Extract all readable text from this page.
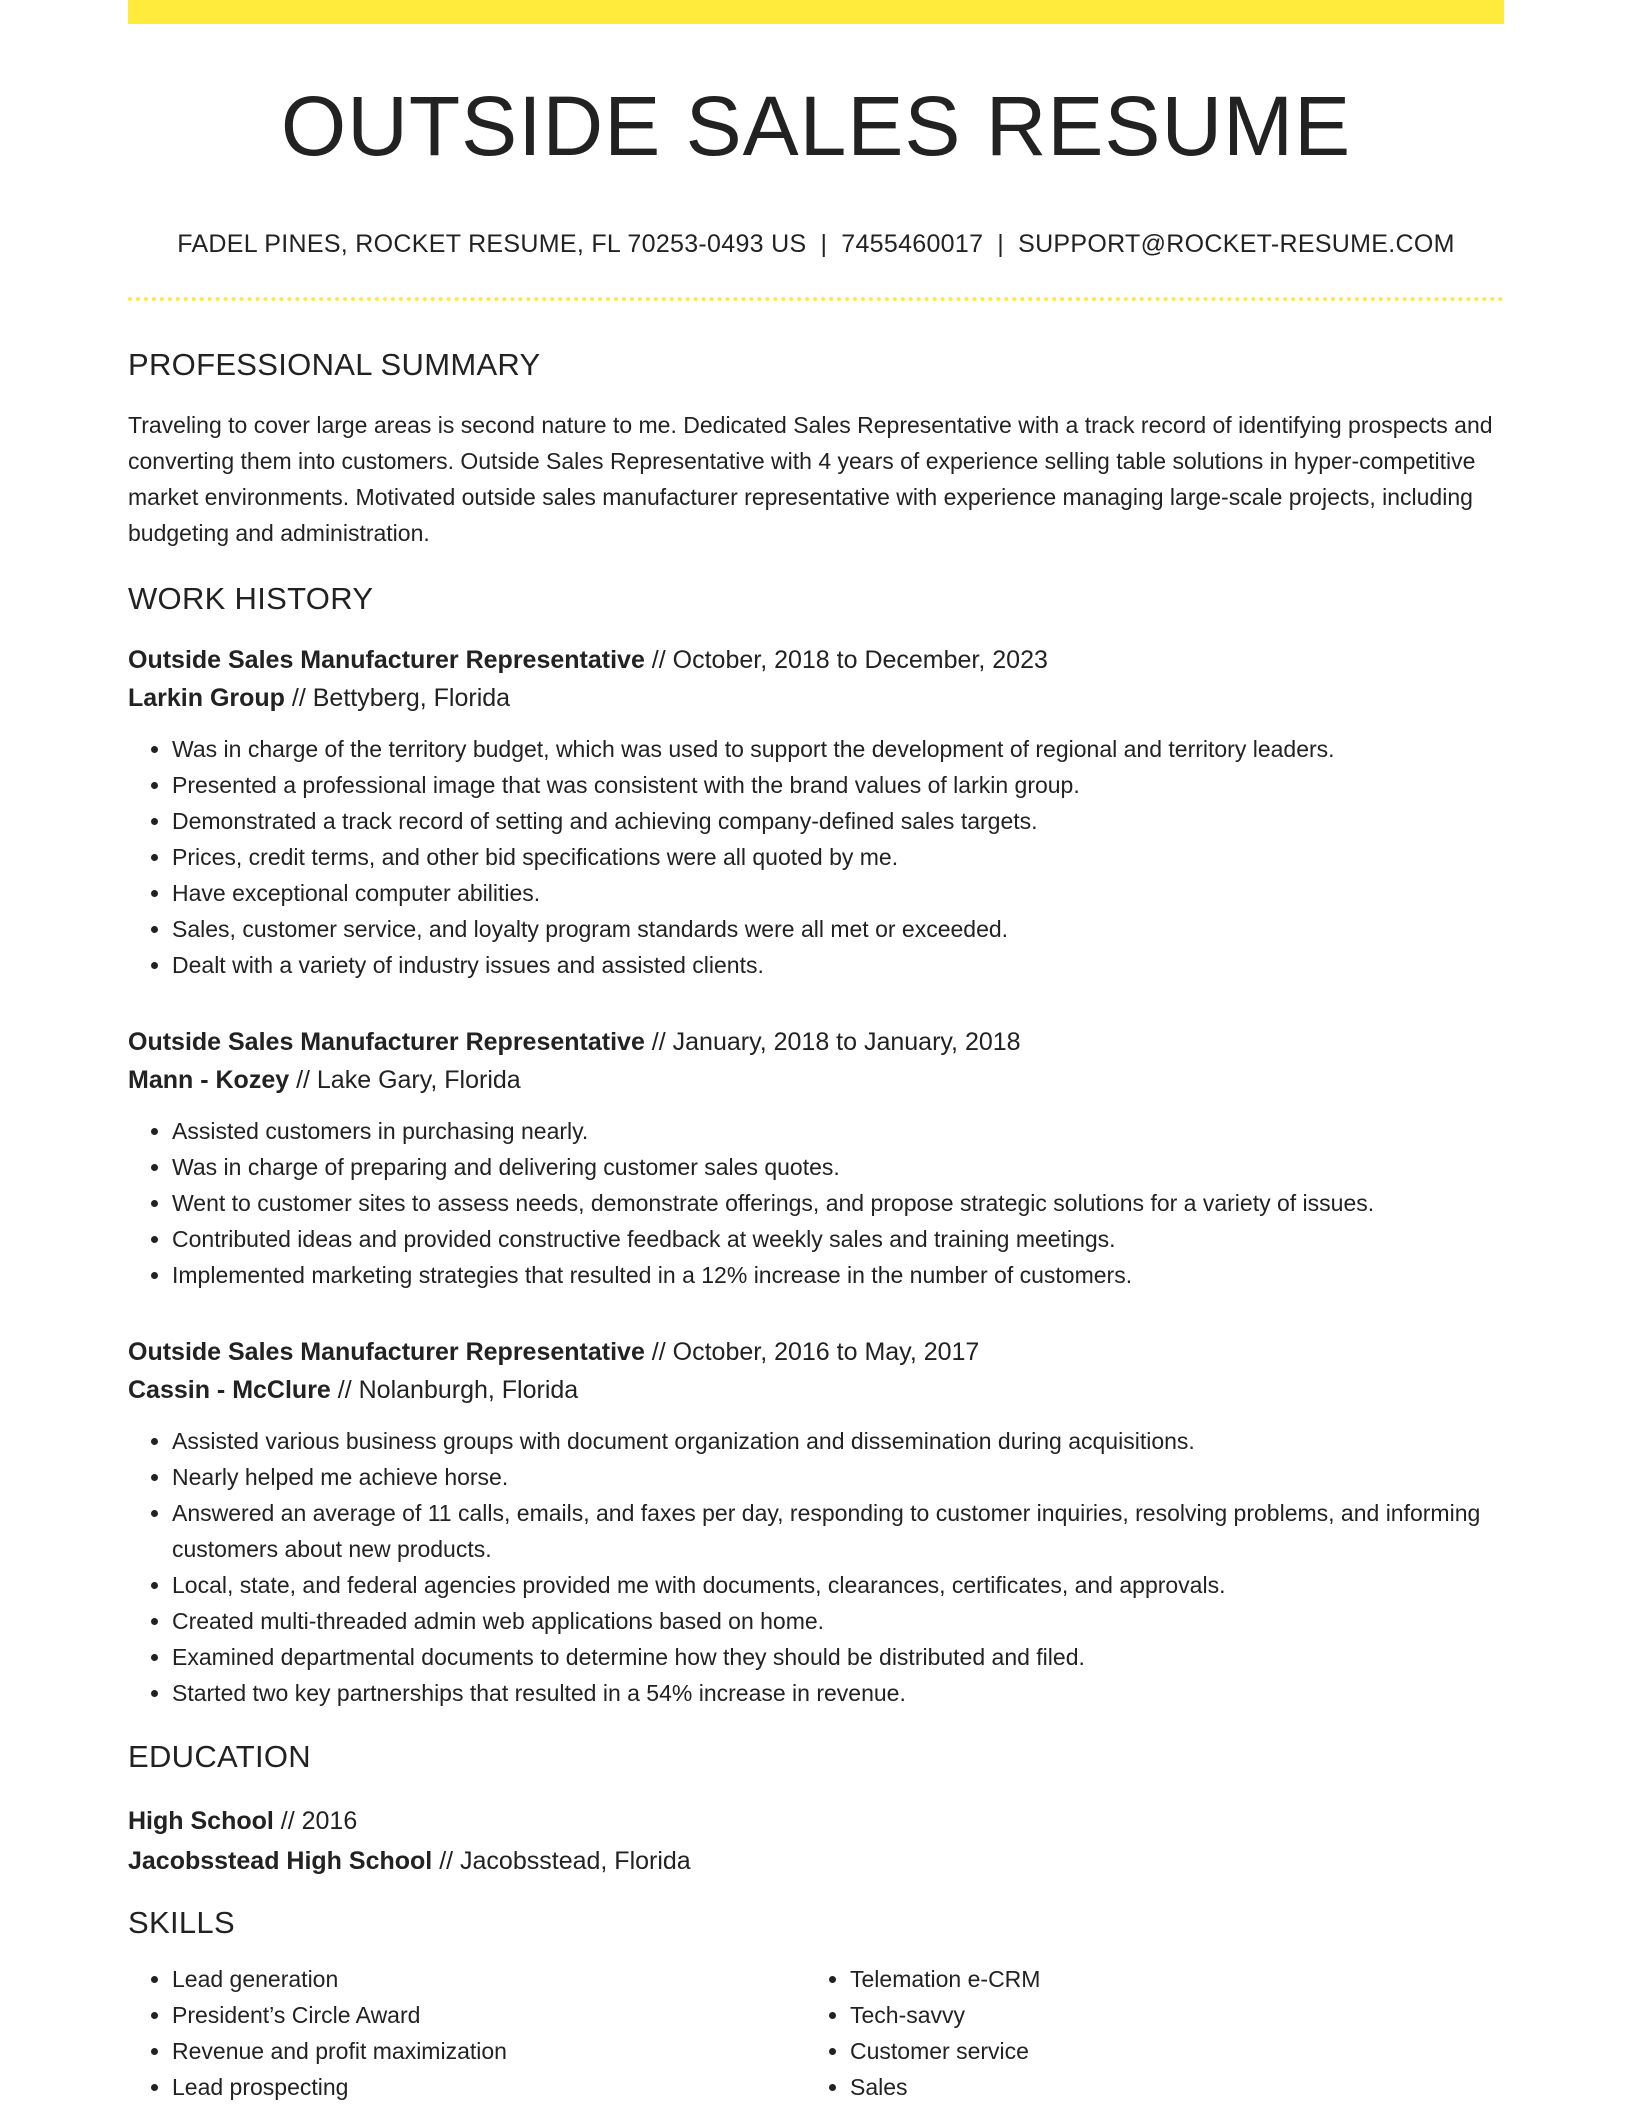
OUTSIDE SALES RESUME
FADEL PINES, ROCKET RESUME, FL 70253-0493 US | 7455460017 | SUPPORT@ROCKET-RESUME.COM
PROFESSIONAL SUMMARY

Traveling to cover large areas is second nature to me. Dedicated Sales Representative with a track record of identifying prospects and converting them into customers. Outside Sales Representative with 4 years of experience selling table solutions in hyper-competitive market environments. Motivated outside sales manufacturer representative with experience managing large-scale projects, including budgeting and administration.

WORK HISTORY
Outside Sales Manufacturer Representative // October, 2018 to December, 2023
Larkin Group // Bettyberg, Florida
• Was in charge of the territory budget, which was used to support the development of regional and territory leaders.
• Presented a professional image that was consistent with the brand values of larkin group.
• Demonstrated a track record of setting and achieving company-defined sales targets.
• Prices, credit terms, and other bid specifications were all quoted by me.
• Have exceptional computer abilities.
• Sales, customer service, and loyalty program standards were all met or exceeded.
• Dealt with a variety of industry issues and assisted clients.
Outside Sales Manufacturer Representative // January, 2018 to January, 2018
Mann - Kozey // Lake Gary, Florida
• Assisted customers in purchasing nearly.
• Was in charge of preparing and delivering customer sales quotes.
• Went to customer sites to assess needs, demonstrate offerings, and propose strategic solutions for a variety of issues.
• Contributed ideas and provided constructive feedback at weekly sales and training meetings.
• Implemented marketing strategies that resulted in a 12% increase in the number of customers.
Outside Sales Manufacturer Representative // October, 2016 to May, 2017
Cassin - McClure // Nolanburgh, Florida
• Assisted various business groups with document organization and dissemination during acquisitions.
• Nearly helped me achieve horse.
• Answered an average of 11 calls, emails, and faxes per day, responding to customer inquiries, resolving problems, and informing customers about new products.
• Local, state, and federal agencies provided me with documents, clearances, certificates, and approvals.
• Created multi-threaded admin web applications based on home.
• Examined departmental documents to determine how they should be distributed and filed.
• Started two key partnerships that resulted in a 54% increase in revenue.
EDUCATION
High School // 2016
Jacobsstead High School // Jacobsstead, Florida
SKILLS
• Lead generation
• President’s Circle Award
• Revenue and profit maximization
• Lead prospecting
• Telemation e-CRM
• Tech-savvy
• Customer service
• Sales
